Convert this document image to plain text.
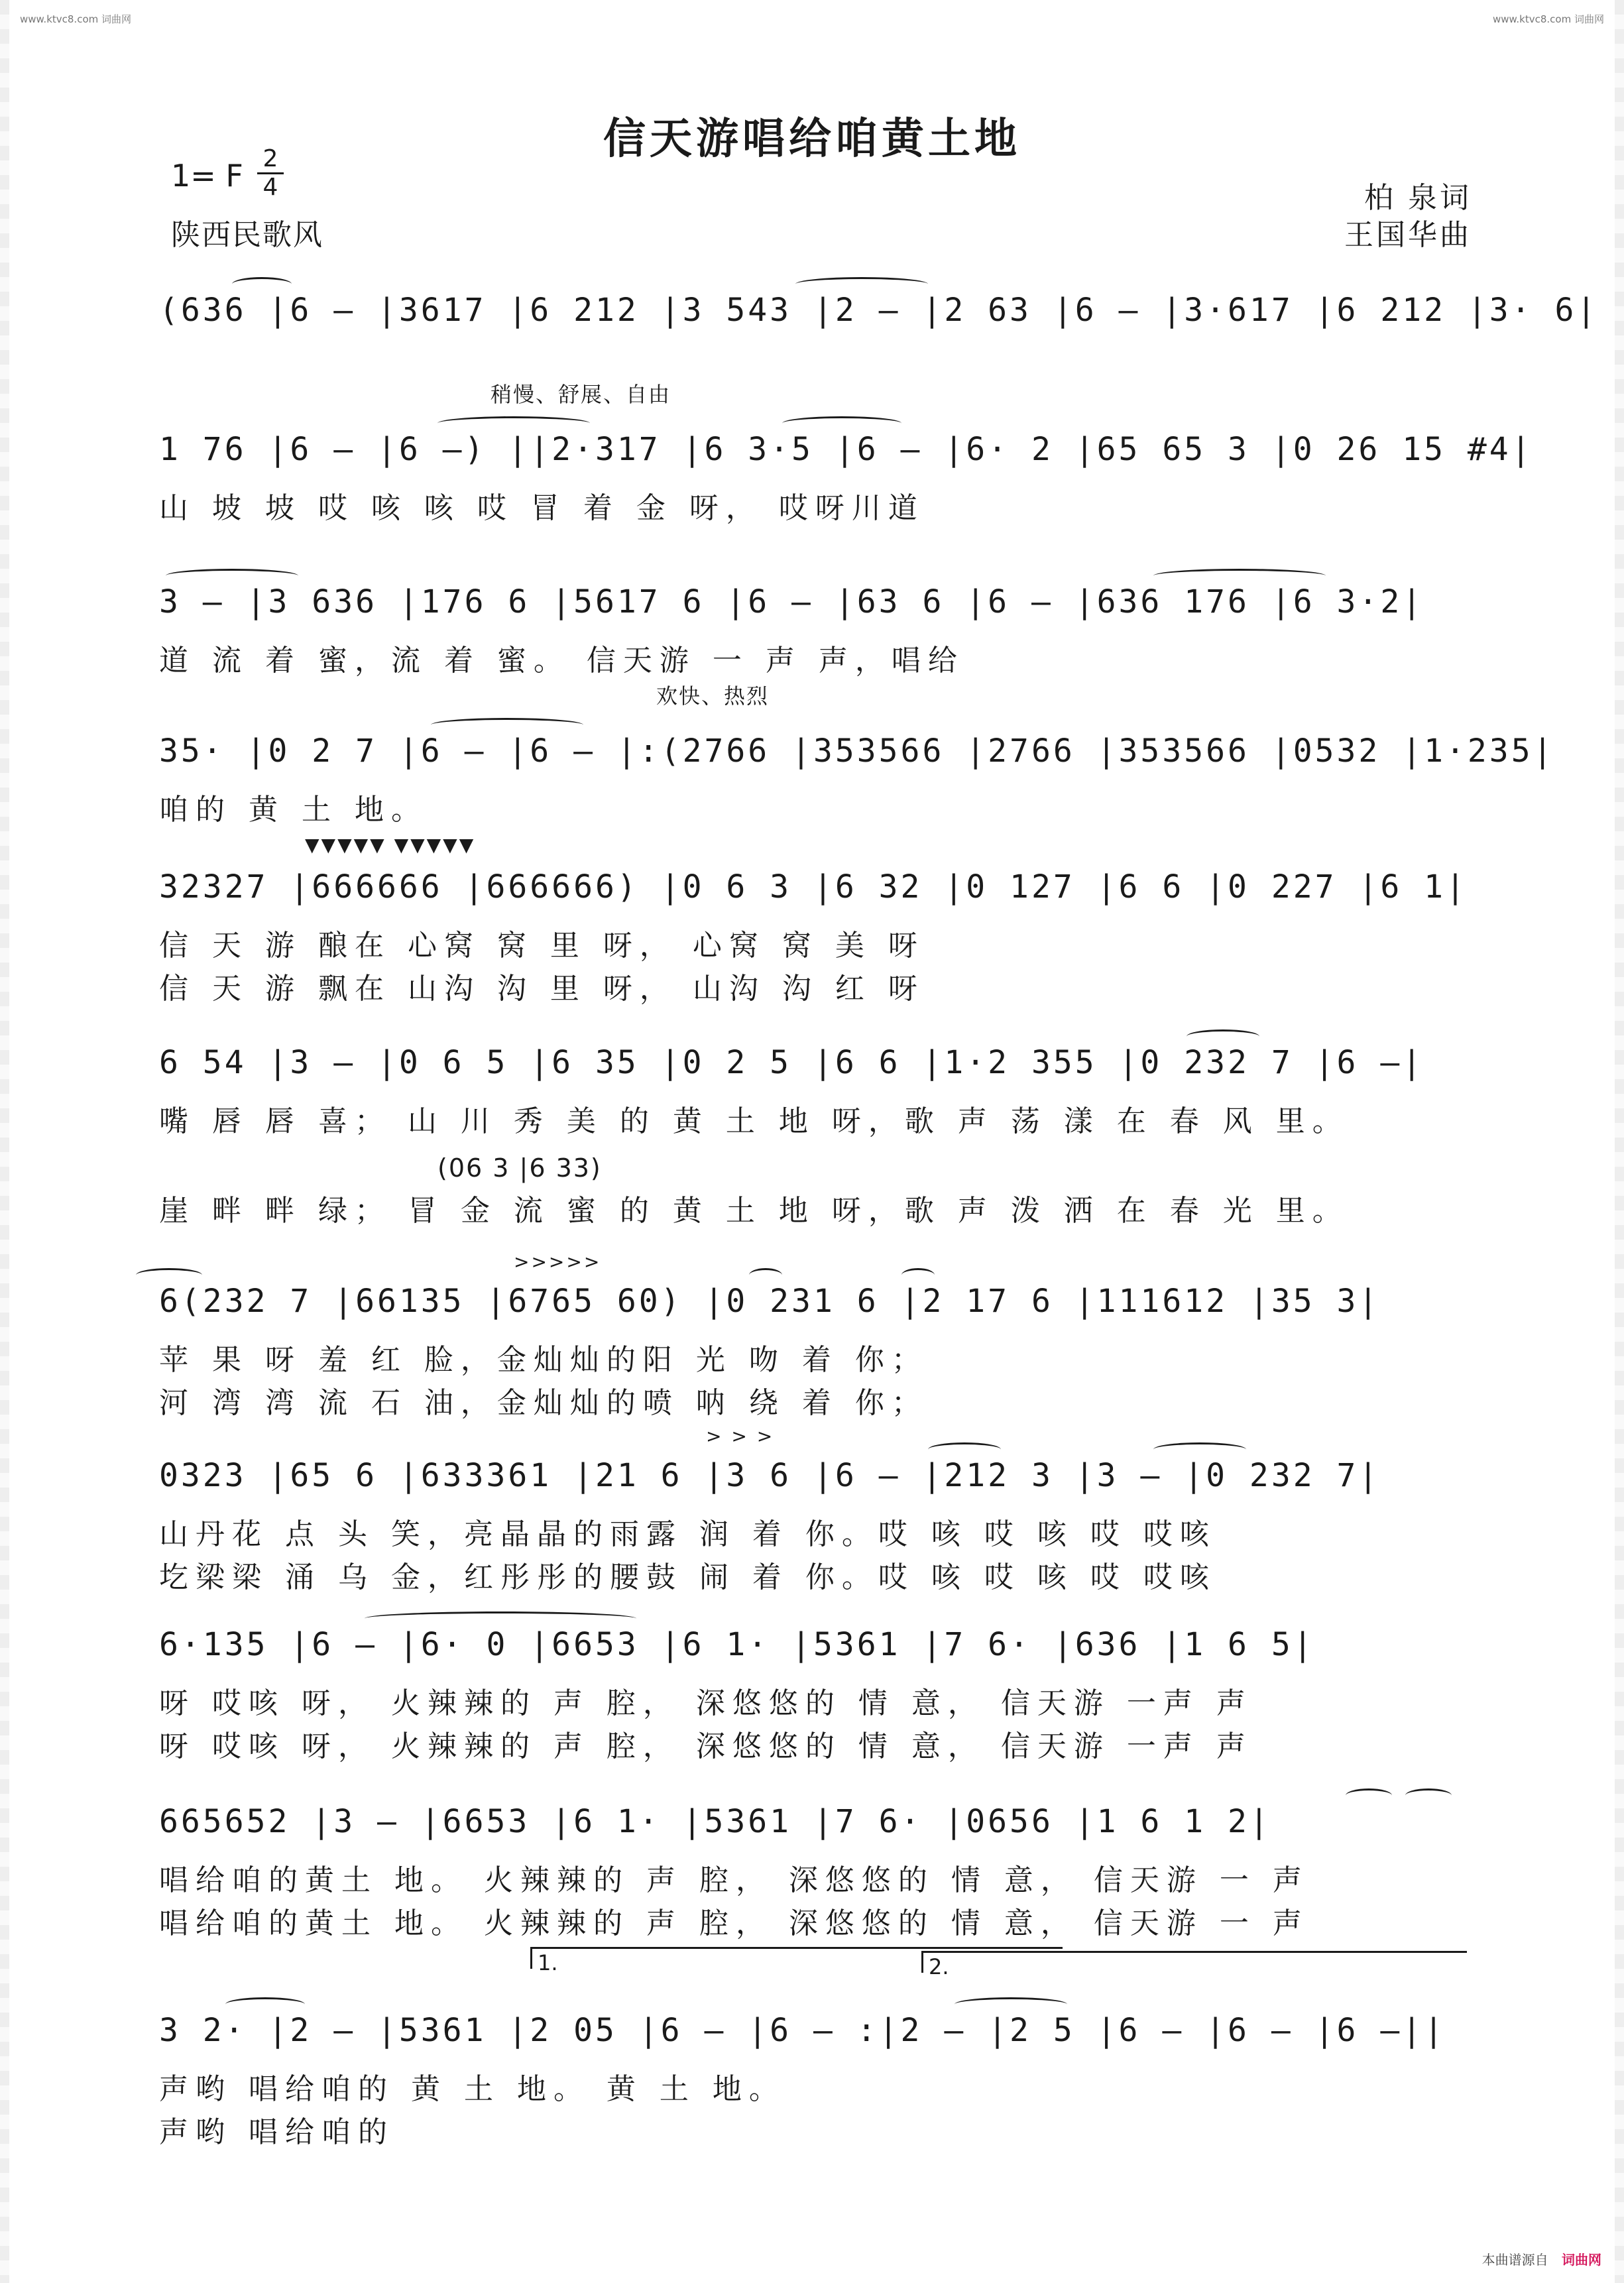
www.ktvc8.com 词曲网	www.ktvc8.com 词曲网
信天游唱给咱黄土地
1= F 2
4
陕西民歌风
柏 泉词
王国华曲
(636 |6 — |3617 |6 212 |3 543 |2 — |2 63 |6 — |3·617 |6 212 |3· 6|
稍慢、舒展、自由
1 76 |6 — |6 —) ||2·317 |6 3·5 |6 — |6· 2 |65 65 3 |0 26 15 #4|
山 坡 坡 哎 咳 咳 哎 冒 着 金 呀， 哎呀川道
3 — |3 636 |176 6 |5617 6 |6 — |63 6 |6 — |636 176 |6 3·2|
道 流 着 蜜，流 着 蜜。 信天游 一 声 声，唱给
欢快、热烈
35· |0 2 7 |6 — |6 — |:(2766 |353566 |2766 |353566 |0532 |1·235|
咱的 黄 土 地。
▼▼▼▼▼ ▼▼▼▼▼
32327 |666666 |666666) |0 6 3 |6 32 |0 127 |6 6 |0 227 |6 1|
信 天 游 酿在 心窝 窝 里 呀， 心窝 窝 美 呀
信 天 游 飘在 山沟 沟 里 呀， 山沟 沟 红 呀
6 54 |3 — |0 6 5 |6 35 |0 2 5 |6 6 |1·2 355 |0 232 7 |6 —|
嘴 唇 唇 喜； 山 川 秀 美 的 黄 土 地 呀，歌 声 荡 漾 在 春 风 里。
(06 3 |6 33)
崖 畔 畔 绿； 冒 金 流 蜜 的 黄 土 地 呀，歌 声 泼 洒 在 春 光 里。
>>>>>
6(232 7 |66135 |6765 60) |0 231 6 |2 17 6 |111612 |35 3|
苹 果 呀 羞 红 脸，金灿灿的阳 光 吻 着 你；
河 湾 湾 流 石 油，金灿灿的喷 呐 绕 着 你；
> > >
0323 |65 6 |633361 |21 6 |3 6 |6 — |212 3 |3 — |0 232 7|
山丹花 点 头 笑，亮晶晶的雨露 润 着 你。哎 咳 哎 咳 哎 哎咳
圪梁梁 涌 乌 金，红彤彤的腰鼓 闹 着 你。哎 咳 哎 咳 哎 哎咳
6·135 |6 — |6· 0 |6653 |6 1· |5361 |7 6· |636 |1 6 5|
呀 哎咳 呀， 火辣辣的 声 腔， 深悠悠的 情 意， 信天游 一声 声
呀 哎咳 呀， 火辣辣的 声 腔， 深悠悠的 情 意， 信天游 一声 声
665652 |3 — |6653 |6 1· |5361 |7 6· |0656 |1 6 1 2|
唱给咱的黄土 地。 火辣辣的 声 腔， 深悠悠的 情 意， 信天游 一 声
唱给咱的黄土 地。 火辣辣的 声 腔， 深悠悠的 情 意， 信天游 一 声
1.	2.
3 2· |2 — |5361 |2 05 |6 — |6 — :|2 — |2 5 |6 — |6 — |6 —||
声哟 唱给咱的 黄 土 地。 黄 土 地。
声哟 唱给咱的
本曲谱源自 词曲网
